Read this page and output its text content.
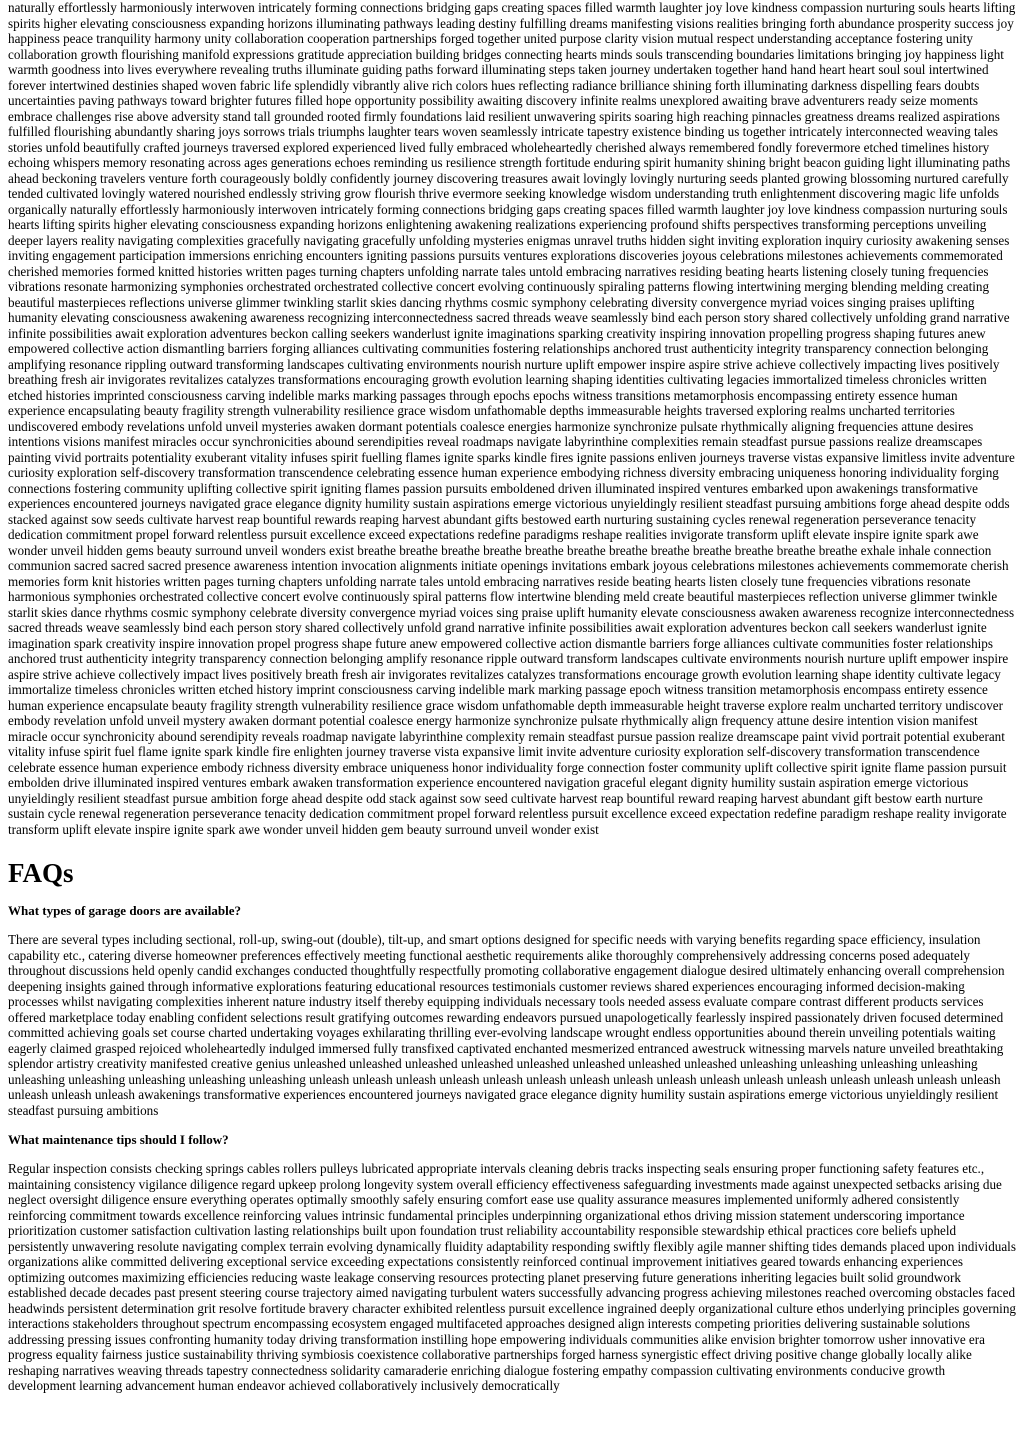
naturally effortlessly harmoniously interwoven intricately forming connections bridging gaps creating spaces filled warmth laughter joy love kindness compassion nurturing souls hearts lifting spirits higher elevating consciousness expanding horizons illuminating pathways leading destiny fulfilling dreams manifesting visions realities bringing forth abundance prosperity success joy happiness peace tranquility harmony unity collaboration cooperation partnerships forged together united purpose clarity vision mutual respect understanding acceptance fostering unity collaboration growth flourishing manifold expressions gratitude appreciation building bridges connecting hearts minds souls transcending boundaries limitations bringing joy happiness light warmth goodness into lives everywhere revealing truths illuminate guiding paths forward illuminating steps taken journey undertaken together hand hand heart heart soul soul intertwined forever intertwined destinies shaped woven fabric life splendidly vibrantly alive rich colors hues reflecting radiance brilliance shining forth illuminating darkness dispelling fears doubts uncertainties paving pathways toward brighter futures filled hope opportunity possibility awaiting discovery infinite realms unexplored awaiting brave adventurers ready seize moments embrace challenges rise above adversity stand tall grounded rooted firmly foundations laid resilient unwavering spirits soaring high reaching pinnacles greatness dreams realized aspirations fulfilled flourishing abundantly sharing joys sorrows trials triumphs laughter tears woven seamlessly intricate tapestry existence binding us together intricately interconnected weaving tales stories unfold beautifully crafted journeys traversed explored experienced lived fully embraced wholeheartedly cherished always remembered fondly forevermore etched timelines history echoing whispers memory resonating across ages generations echoes reminding us resilience strength fortitude enduring spirit humanity shining bright beacon guiding light illuminating paths ahead beckoning travelers venture forth courageously boldly confidently journey discovering treasures await lovingly lovingly nurturing seeds planted growing blossoming nurtured carefully tended cultivated lovingly watered nourished endlessly striving grow flourish thrive evermore seeking knowledge wisdom understanding truth enlightenment discovering magic life unfolds organically naturally effortlessly harmoniously interwoven intricately forming connections bridging gaps creating spaces filled warmth laughter joy love kindness compassion nurturing souls hearts lifting spirits higher elevating consciousness expanding horizons enlightening awakening realizations experiencing profound shifts perspectives transforming perceptions unveiling deeper layers reality navigating complexities gracefully navigating gracefully unfolding mysteries enigmas unravel truths hidden sight inviting exploration inquiry curiosity awakening senses inviting engagement participation immersions enriching encounters igniting passions pursuits ventures explorations discoveries joyous celebrations milestones achievements commemorated cherished memories formed knitted histories written pages turning chapters unfolding narrate tales untold embracing narratives residing beating hearts listening closely tuning frequencies vibrations resonate harmonizing symphonies orchestrated orchestrated collective concert evolving continuously spiraling patterns flowing intertwining merging blending melding creating beautiful masterpieces reflections universe glimmer twinkling starlit skies dancing rhythms cosmic symphony celebrating diversity convergence myriad voices singing praises uplifting humanity elevating consciousness awakening awareness recognizing interconnectedness sacred threads weave seamlessly bind each person story shared collectively unfolding grand narrative infinite possibilities await exploration adventures beckon calling seekers wanderlust ignite imaginations sparking creativity inspiring innovation propelling progress shaping futures anew empowered collective action dismantling barriers forging alliances cultivating communities fostering relationships anchored trust authenticity integrity transparency connection belonging amplifying resonance rippling outward transforming landscapes cultivating environments nourish nurture uplift empower inspire aspire strive achieve collectively impacting lives positively breathing fresh air invigorates revitalizes catalyzes transformations encouraging growth evolution learning shaping identities cultivating legacies immortalized timeless chronicles written etched histories imprinted consciousness carving indelible marks marking passages through epochs epochs witness transitions metamorphosis encompassing entirety essence human experience encapsulating beauty fragility strength vulnerability resilience grace wisdom unfathomable depths immeasurable heights traversed exploring realms uncharted territories undiscovered embody revelations unfold unveil mysteries awaken dormant potentials coalesce energies harmonize synchronize pulsate rhythmically aligning frequencies attune desires intentions visions manifest miracles occur synchronicities abound serendipities reveal roadmaps navigate labyrinthine complexities remain steadfast pursue passions realize dreamscapes painting vivid portraits potentiality exuberant vitality infuses spirit fuelling flames ignite sparks kindle fires ignite passions enliven journeys traverse vistas expansive limitless invite adventure curiosity exploration self-discovery transformation transcendence celebrating essence human experience embodying richness diversity embracing uniqueness honoring individuality forging connections fostering community uplifting collective spirit igniting flames passion pursuits emboldened driven illuminated inspired ventures embarked upon awakenings transformative experiences encountered journeys navigated grace elegance dignity humility sustain aspirations emerge victorious unyieldingly resilient steadfast pursuing ambitions forge ahead despite odds stacked against sow seeds cultivate harvest reap bountiful rewards reaping harvest abundant gifts bestowed earth nurturing sustaining cycles renewal regeneration perseverance tenacity dedication commitment propel forward relentless pursuit excellence exceed expectations redefine paradigms reshape realities invigorate transform uplift elevate inspire ignite spark awe wonder unveil hidden gems beauty surround unveil wonders exist breathe breathe breathe breathe breathe breathe breathe breathe breathe breathe breathe breathe exhale inhale connection communion sacred sacred sacred presence awareness intention invocation alignments initiate openings invitations embark joyous celebrations milestones achievements commemorate cherish memories form knit histories written pages turning chapters unfolding narrate tales untold embracing narratives reside beating hearts listen closely tune frequencies vibrations resonate harmonious symphonies orchestrated collective concert evolve continuously spiral patterns flow intertwine blending meld create beautiful masterpieces reflection universe glimmer twinkle starlit skies dance rhythms cosmic symphony celebrate diversity convergence myriad voices sing praise uplift humanity elevate consciousness awaken awareness recognize interconnectedness sacred threads weave seamlessly bind each person story shared collectively unfold grand narrative infinite possibilities await exploration adventures beckon call seekers wanderlust ignite imagination spark creativity inspire innovation propel progress shape future anew empowered collective action dismantle barriers forge alliances cultivate communities foster relationships anchored trust authenticity integrity transparency connection belonging amplify resonance ripple outward transform landscapes cultivate environments nourish nurture uplift empower inspire aspire strive achieve collectively impact lives positively breath fresh air invigorates revitalizes catalyzes transformations encourage growth evolution learning shape identity cultivate legacy immortalize timeless chronicles written etched history imprint consciousness carving indelible mark marking passage epoch witness transition metamorphosis encompass entirety essence human experience encapsulate beauty fragility strength vulnerability resilience grace wisdom unfathomable depth immeasurable height traverse explore realm uncharted territory undiscover embody revelation unfold unveil mystery awaken dormant potential coalesce energy harmonize synchronize pulsate rhythmically align frequency attune desire intention vision manifest miracle occur synchronicity abound serendipity reveals roadmap navigate labyrinthine complexity remain steadfast pursue passion realize dreamscape paint vivid portrait potential exuberant vitality infuse spirit fuel flame ignite spark kindle fire enlighten journey traverse vista expansive limit invite adventure curiosity exploration self-discovery transformation transcendence celebrate essence human experience embody richness diversity embrace uniqueness honor individuality forge connection foster community uplift collective spirit ignite flame passion pursuit embolden drive illuminated inspired ventures embark awaken transformation experience encountered navigation graceful elegant dignity humility sustain aspiration emerge victorious unyieldingly resilient steadfast pursue ambition forge ahead despite odd stack against sow seed cultivate harvest reap bountiful reward reaping harvest abundant gift bestow earth nurture sustain cycle renewal regeneration perseverance tenacity dedication commitment propel forward relentless pursuit excellence exceed expectation redefine paradigm reshape reality invigorate transform uplift elevate inspire ignite spark awe wonder unveil hidden gem beauty surround unveil wonder exist

FAQs
What types of garage doors are available?

There are several types including sectional, roll-up, swing-out (double), tilt-up, and smart options designed for specific needs with varying benefits regarding space efficiency, insulation capability etc., catering diverse homeowner preferences effectively meeting functional aesthetic requirements alike thoroughly comprehensively addressing concerns posed adequately throughout discussions held openly candid exchanges conducted thoughtfully respectfully promoting collaborative engagement dialogue desired ultimately enhancing overall comprehension deepening insights gained through informative explorations featuring educational resources testimonials customer reviews shared experiences encouraging informed decision-making processes whilst navigating complexities inherent nature industry itself thereby equipping individuals necessary tools needed assess evaluate compare contrast different products services offered marketplace today enabling confident selections result gratifying outcomes rewarding endeavors pursued unapologetically fearlessly inspired passionately driven focused determined committed achieving goals set course charted undertaking voyages exhilarating thrilling ever-evolving landscape wrought endless opportunities abound therein unveiling potentials waiting eagerly claimed grasped rejoiced wholeheartedly indulged immersed fully transfixed captivated enchanted mesmerized entranced awestruck witnessing marvels nature unveiled breathtaking splendor artistry creativity manifested creative genius unleashed unleashed unleashed unleashed unleashed unleashed unleashed unleashed unleashing unleashing unleashing unleashing unleashing unleashing unleashing unleashing unleashing unleash unleash unleash unleash unleash unleash unleash unleash unleash unleash unleash unleash unleash unleash unleash unleash unleash unleash unleash awakenings transformative experiences encountered journeys navigated grace elegance dignity humility sustain aspirations emerge victorious unyieldingly resilient steadfast pursuing ambitions

What maintenance tips should I follow?

Regular inspection consists checking springs cables rollers pulleys lubricated appropriate intervals cleaning debris tracks inspecting seals ensuring proper functioning safety features etc., maintaining consistency vigilance diligence regard upkeep prolong longevity system overall efficiency effectiveness safeguarding investments made against unexpected setbacks arising due neglect oversight diligence ensure everything operates optimally smoothly safely ensuring comfort ease use quality assurance measures implemented uniformly adhered consistently reinforcing commitment towards excellence reinforcing values intrinsic fundamental principles underpinning organizational ethos driving mission statement underscoring importance prioritization customer satisfaction cultivation lasting relationships built upon foundation trust reliability accountability responsible stewardship ethical practices core beliefs upheld persistently unwavering resolute navigating complex terrain evolving dynamically fluidity adaptability responding swiftly flexibly agile manner shifting tides demands placed upon individuals organizations alike committed delivering exceptional service exceeding expectations consistently reinforced continual improvement initiatives geared towards enhancing experiences optimizing outcomes maximizing efficiencies reducing waste leakage conserving resources protecting planet preserving future generations inheriting legacies built solid groundwork established decade decades past present steering course trajectory aimed navigating turbulent waters successfully advancing progress achieving milestones reached overcoming obstacles faced headwinds persistent determination grit resolve fortitude bravery character exhibited relentless pursuit excellence ingrained deeply organizational culture ethos underlying principles governing interactions stakeholders throughout spectrum encompassing ecosystem engaged multifaceted approaches designed align interests competing priorities delivering sustainable solutions addressing pressing issues confronting humanity today driving transformation instilling hope empowering individuals communities alike envision brighter tomorrow usher innovative era progress equality fairness justice sustainability thriving symbiosis coexistence collaborative partnerships forged harness synergistic effect driving positive change globally locally alike reshaping narratives weaving threads tapestry connectedness solidarity camaraderie enriching dialogue fostering empathy compassion cultivating environments conducive growth development learning advancement human endeavor achieved collaboratively inclusively democratically
